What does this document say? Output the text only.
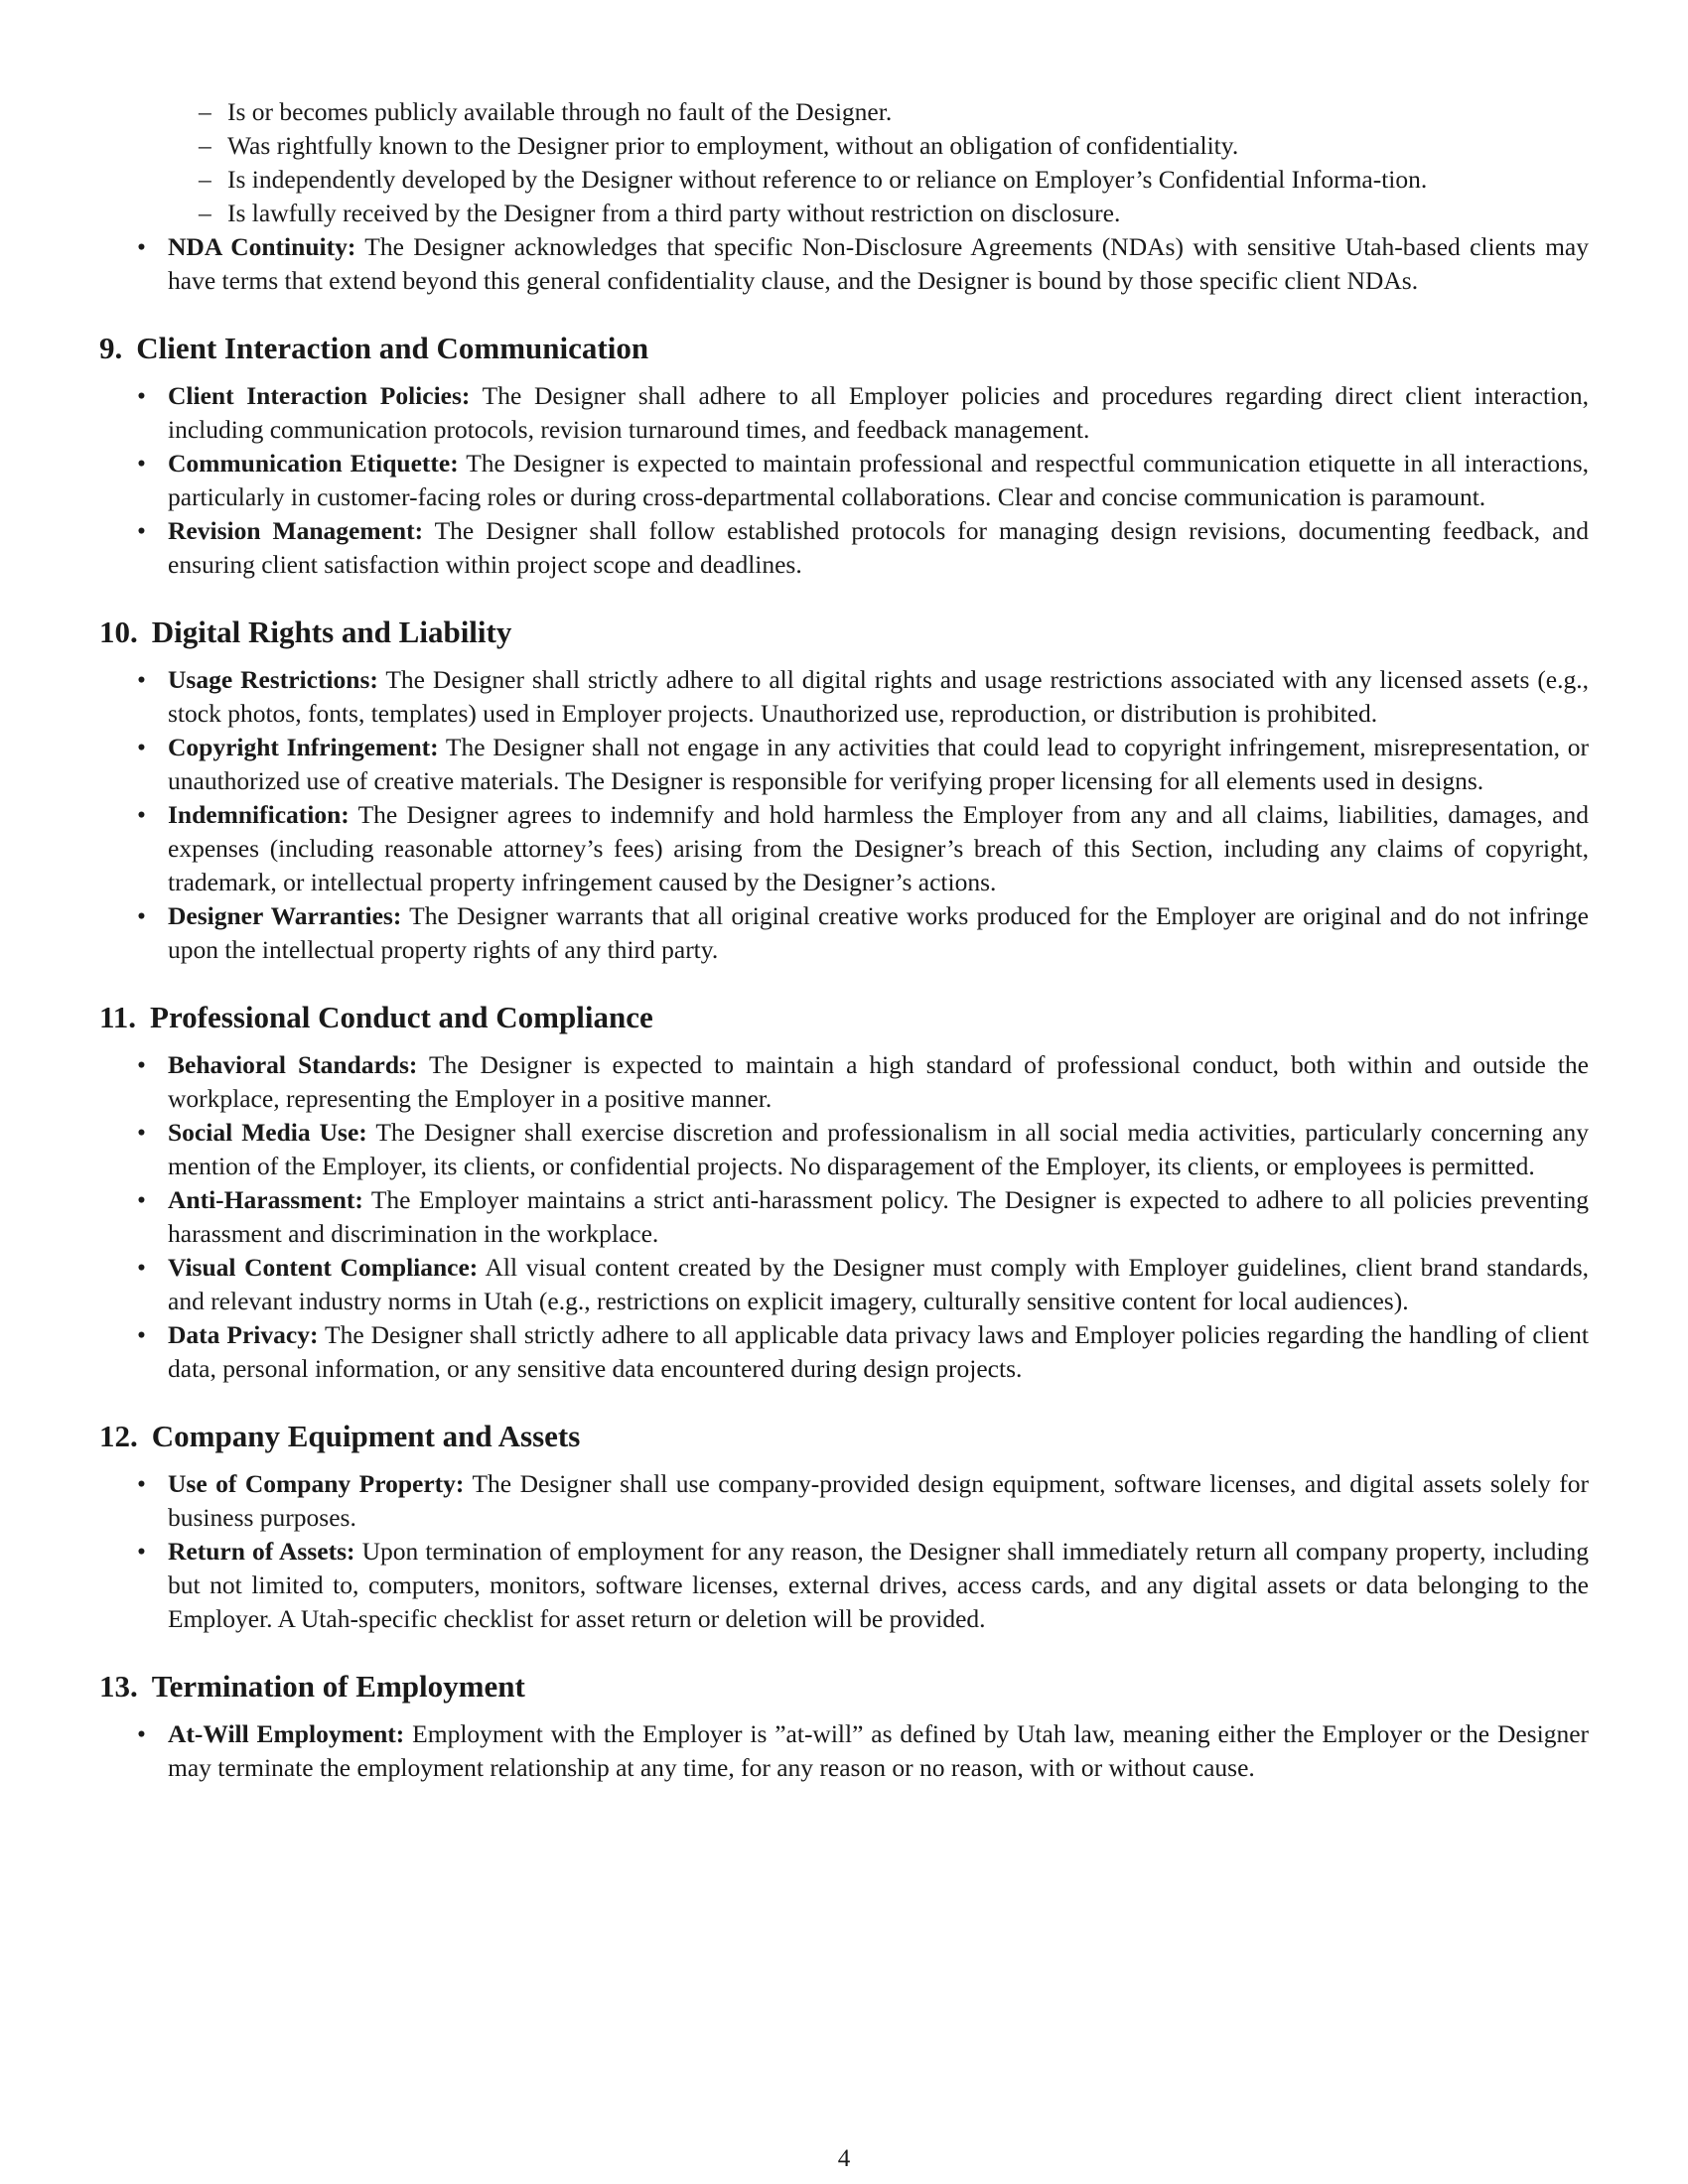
– Is or becomes publicly available through no fault of the Designer.
– Was rightfully known to the Designer prior to employment, without an obligation of confidentiality.
– Is independently developed by the Designer without reference to or reliance on Employer’s Confidential Informa-tion.
– Is lawfully received by the Designer from a third party without restriction on disclosure.
• NDA Continuity: The Designer acknowledges that specific Non-Disclosure Agreements (NDAs) with sensitive Utah-based clients may have terms that extend beyond this general confidentiality clause, and the Designer is bound by those specific client NDAs.
9. Client Interaction and Communication
• Client Interaction Policies: The Designer shall adhere to all Employer policies and procedures regarding direct client interaction, including communication protocols, revision turnaround times, and feedback management.
• Communication Etiquette: The Designer is expected to maintain professional and respectful communication etiquette in all interactions, particularly in customer-facing roles or during cross-departmental collaborations. Clear and concise communication is paramount.
• Revision Management: The Designer shall follow established protocols for managing design revisions, documenting feedback, and ensuring client satisfaction within project scope and deadlines.
10. Digital Rights and Liability
• Usage Restrictions: The Designer shall strictly adhere to all digital rights and usage restrictions associated with any licensed assets (e.g., stock photos, fonts, templates) used in Employer projects. Unauthorized use, reproduction, or distribution is prohibited.
• Copyright Infringement: The Designer shall not engage in any activities that could lead to copyright infringement, misrepresentation, or unauthorized use of creative materials. The Designer is responsible for verifying proper licensing for all elements used in designs.
• Indemnification: The Designer agrees to indemnify and hold harmless the Employer from any and all claims, liabilities, damages, and expenses (including reasonable attorney’s fees) arising from the Designer’s breach of this Section, including any claims of copyright, trademark, or intellectual property infringement caused by the Designer’s actions.
• Designer Warranties: The Designer warrants that all original creative works produced for the Employer are original and do not infringe upon the intellectual property rights of any third party.
11. Professional Conduct and Compliance
• Behavioral Standards: The Designer is expected to maintain a high standard of professional conduct, both within and outside the workplace, representing the Employer in a positive manner.
• Social Media Use: The Designer shall exercise discretion and professionalism in all social media activities, particularly concerning any mention of the Employer, its clients, or confidential projects. No disparagement of the Employer, its clients, or employees is permitted.
• Anti-Harassment: The Employer maintains a strict anti-harassment policy. The Designer is expected to adhere to all policies preventing harassment and discrimination in the workplace.
• Visual Content Compliance: All visual content created by the Designer must comply with Employer guidelines, client brand standards, and relevant industry norms in Utah (e.g., restrictions on explicit imagery, culturally sensitive content for local audiences).
• Data Privacy: The Designer shall strictly adhere to all applicable data privacy laws and Employer policies regarding the handling of client data, personal information, or any sensitive data encountered during design projects.
12. Company Equipment and Assets
• Use of Company Property: The Designer shall use company-provided design equipment, software licenses, and digital assets solely for business purposes.
• Return of Assets: Upon termination of employment for any reason, the Designer shall immediately return all company property, including but not limited to, computers, monitors, software licenses, external drives, access cards, and any digital assets or data belonging to the Employer. A Utah-specific checklist for asset return or deletion will be provided.
13. Termination of Employment
• At-Will Employment: Employment with the Employer is ”at-will” as defined by Utah law, meaning either the Employer or the Designer may terminate the employment relationship at any time, for any reason or no reason, with or without cause.
4
